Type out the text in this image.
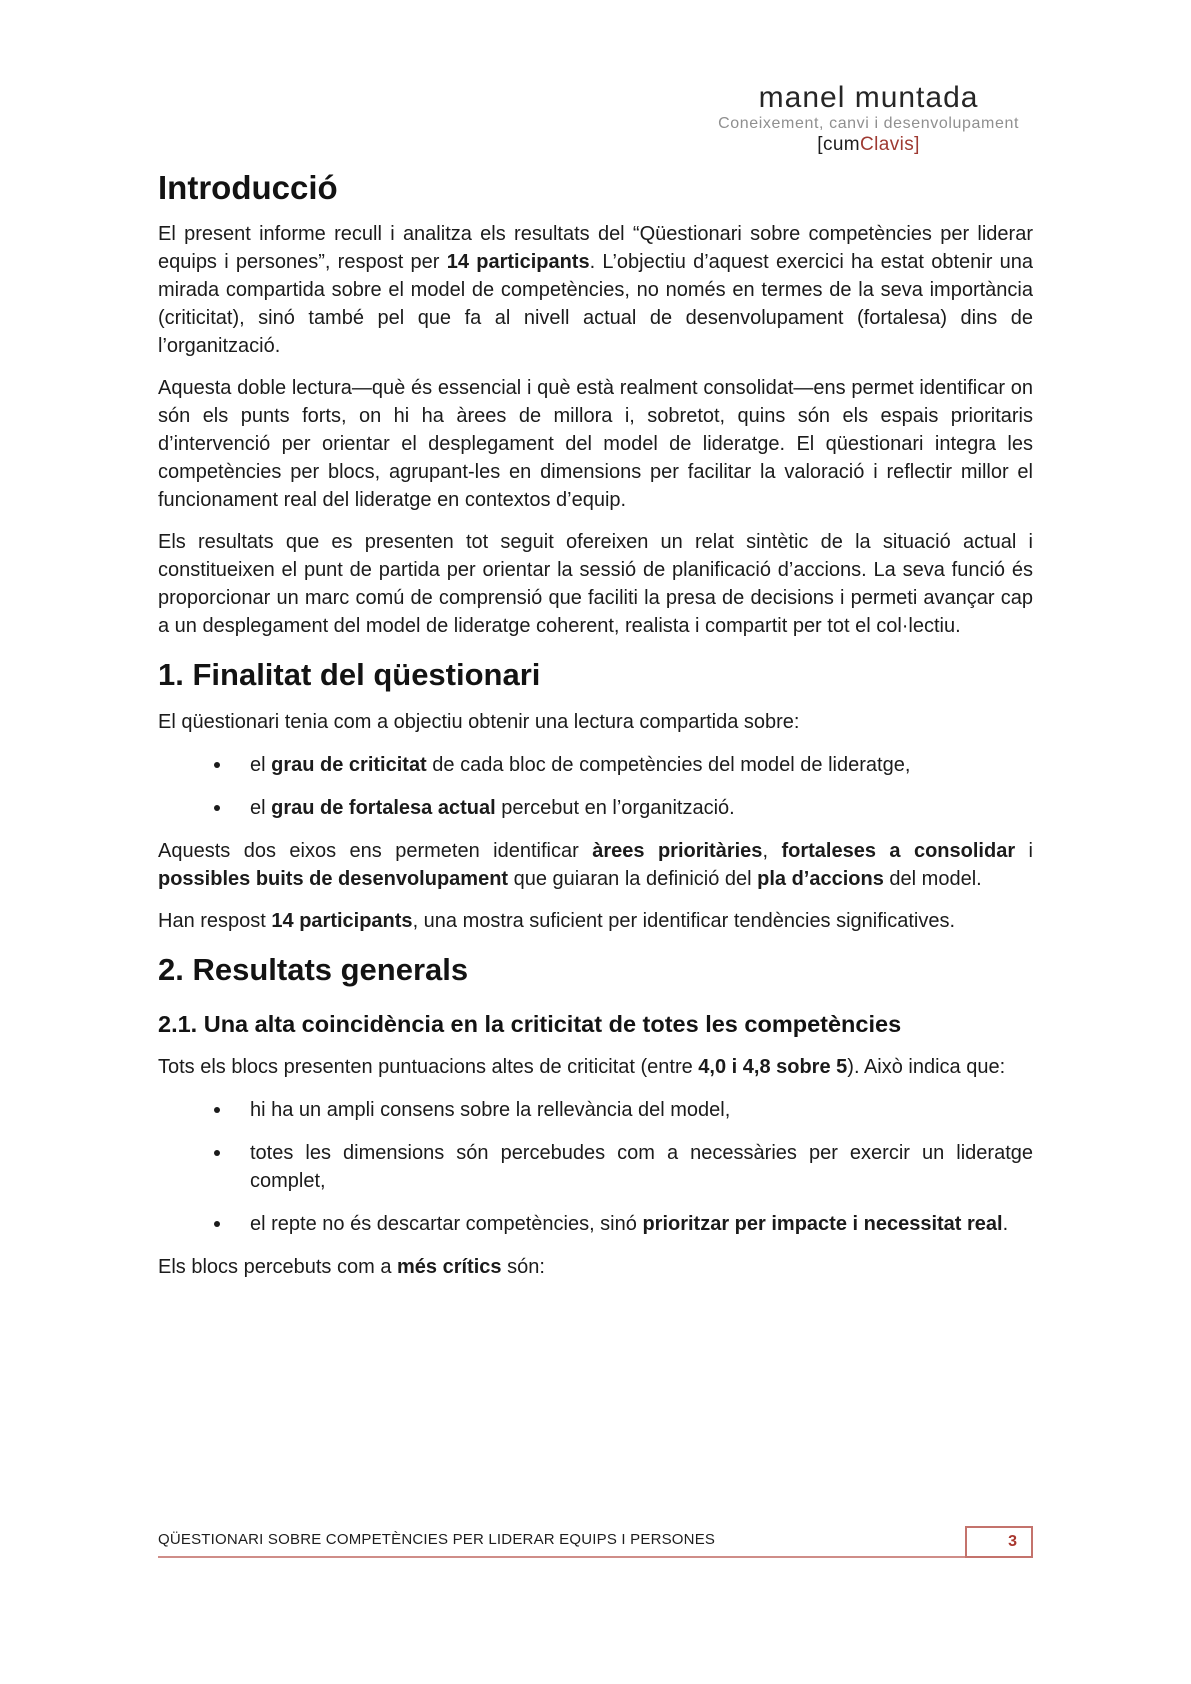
manel muntada
Coneixement, canvi i desenvolupament
[cumClavis]
Introducció
El present informe recull i analitza els resultats del “Qüestionari sobre competències per liderar equips i persones”, respost per 14 participants. L’objectiu d’aquest exercici ha estat obtenir una mirada compartida sobre el model de competències, no només en termes de la seva importància (criticitat), sinó també pel que fa al nivell actual de desenvolupament (fortalesa) dins de l’organització.
Aquesta doble lectura—què és essencial i què està realment consolidat—ens permet identificar on són els punts forts, on hi ha àrees de millora i, sobretot, quins són els espais prioritaris d’intervenció per orientar el desplegament del model de lideratge. El qüestionari integra les competències per blocs, agrupant-les en dimensions per facilitar la valoració i reflectir millor el funcionament real del lideratge en contextos d’equip.
Els resultats que es presenten tot seguit ofereixen un relat sintètic de la situació actual i constitueixen el punt de partida per orientar la sessió de planificació d’accions. La seva funció és proporcionar un marc comú de comprensió que faciliti la presa de decisions i permeti avançar cap a un desplegament del model de lideratge coherent, realista i compartit per tot el col·lectiu.
1. Finalitat del qüestionari
El qüestionari tenia com a objectiu obtenir una lectura compartida sobre:
el grau de criticitat de cada bloc de competències del model de lideratge,
el grau de fortalesa actual percebut en l’organització.
Aquests dos eixos ens permeten identificar àrees prioritàries, fortaleses a consolidar i possibles buits de desenvolupament que guiaran la definició del pla d’accions del model.
Han respost 14 participants, una mostra suficient per identificar tendències significatives.
2. Resultats generals
2.1. Una alta coincidència en la criticitat de totes les competències
Tots els blocs presenten puntuacions altes de criticitat (entre 4,0 i 4,8 sobre 5). Això indica que:
hi ha un ampli consens sobre la rellevància del model,
totes les dimensions són percebudes com a necessàries per exercir un lideratge complet,
el repte no és descartar competències, sinó prioritzar per impacte i necessitat real.
Els blocs percebuts com a més crítics són:
QÜESTIONARI SOBRE COMPETÈNCIES PER LIDERAR EQUIPS I PERSONES	3
